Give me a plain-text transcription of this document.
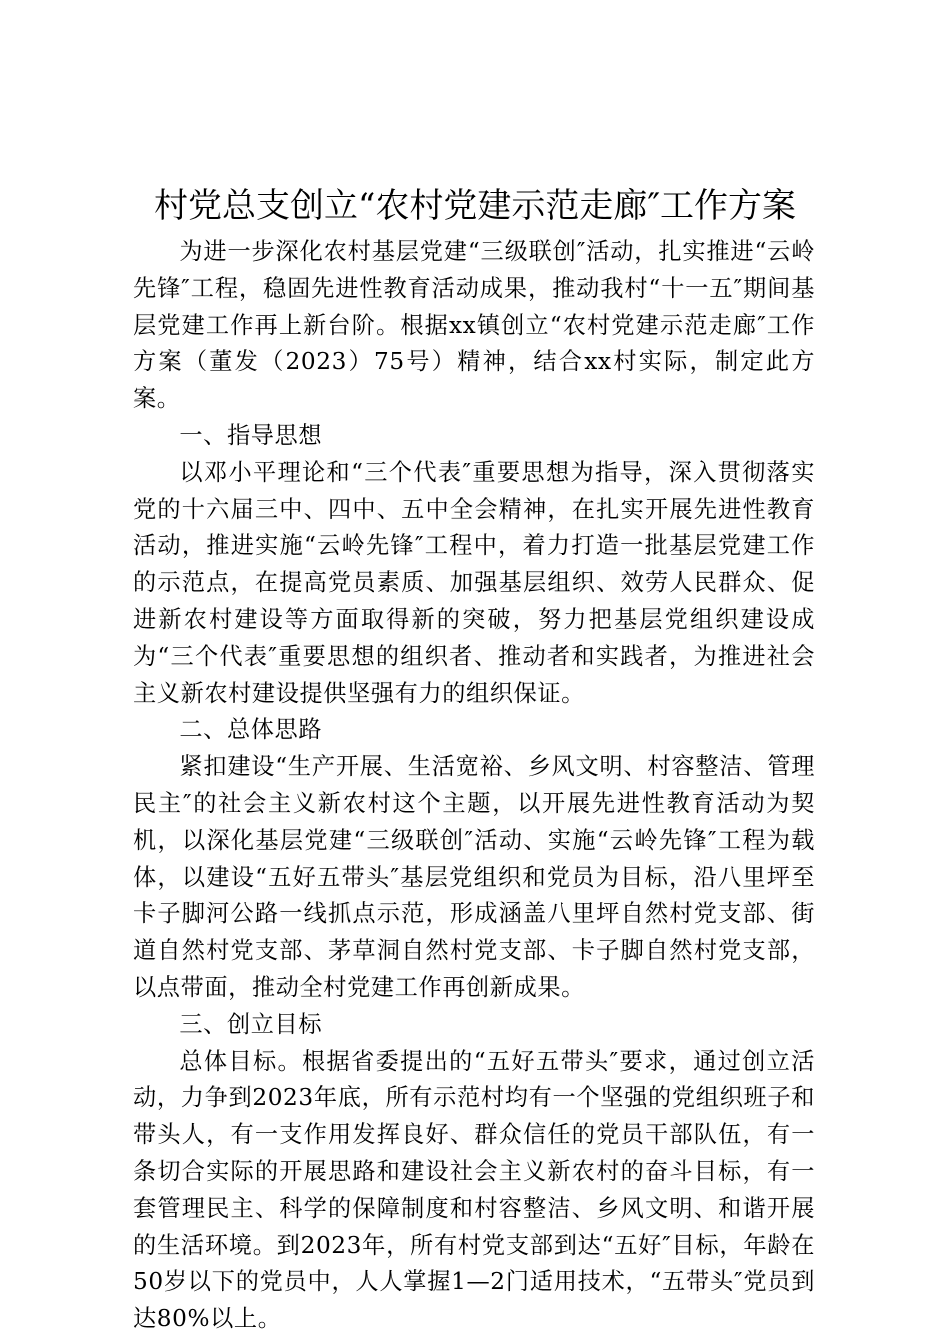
村党总支创立“农村党建示范走廊″工作方案

为进一步深化农村基层党建“三级联创″活动，扎实推进“云岭先锋″工程，稳固先进性教育活动成果，推动我村“十一五″期间基层党建工作再上新台阶。根据xx镇创立“农村党建示范走廊″工作方案（董发（2023）75号）精神，结合xx村实际，制定此方案。

一、指导思想

以邓小平理论和“三个代表″重要思想为指导，深入贯彻落实党的十六届三中、四中、五中全会精神，在扎实开展先进性教育活动，推进实施“云岭先锋″工程中，着力打造一批基层党建工作的示范点，在提高党员素质、加强基层组织、效劳人民群众、促进新农村建设等方面取得新的突破，努力把基层党组织建设成为“三个代表″重要思想的组织者、推动者和实践者，为推进社会主义新农村建设提供坚强有力的组织保证。

二、总体思路

紧扣建设“生产开展、生活宽裕、乡风文明、村容整洁、管理民主″的社会主义新农村这个主题，以开展先进性教育活动为契机，以深化基层党建“三级联创″活动、实施“云岭先锋″工程为载体，以建设“五好五带头″基层党组织和党员为目标，沿八里坪至卡子脚河公路一线抓点示范，形成涵盖八里坪自然村党支部、街道自然村党支部、茅草洞自然村党支部、卡子脚自然村党支部，以点带面，推动全村党建工作再创新成果。

三、创立目标

总体目标。根据省委提出的“五好五带头″要求，通过创立活动，力争到2023年底，所有示范村均有一个坚强的党组织班子和带头人，有一支作用发挥良好、群众信任的党员干部队伍，有一条切合实际的开展思路和建设社会主义新农村的奋斗目标，有一套管理民主、科学的保障制度和村容整洁、乡风文明、和谐开展的生活环境。到2023年，所有村党支部到达“五好″目标，年龄在50岁以下的党员中，人人掌握1—2门适用技术，“五带头″党员到达80%以上。
